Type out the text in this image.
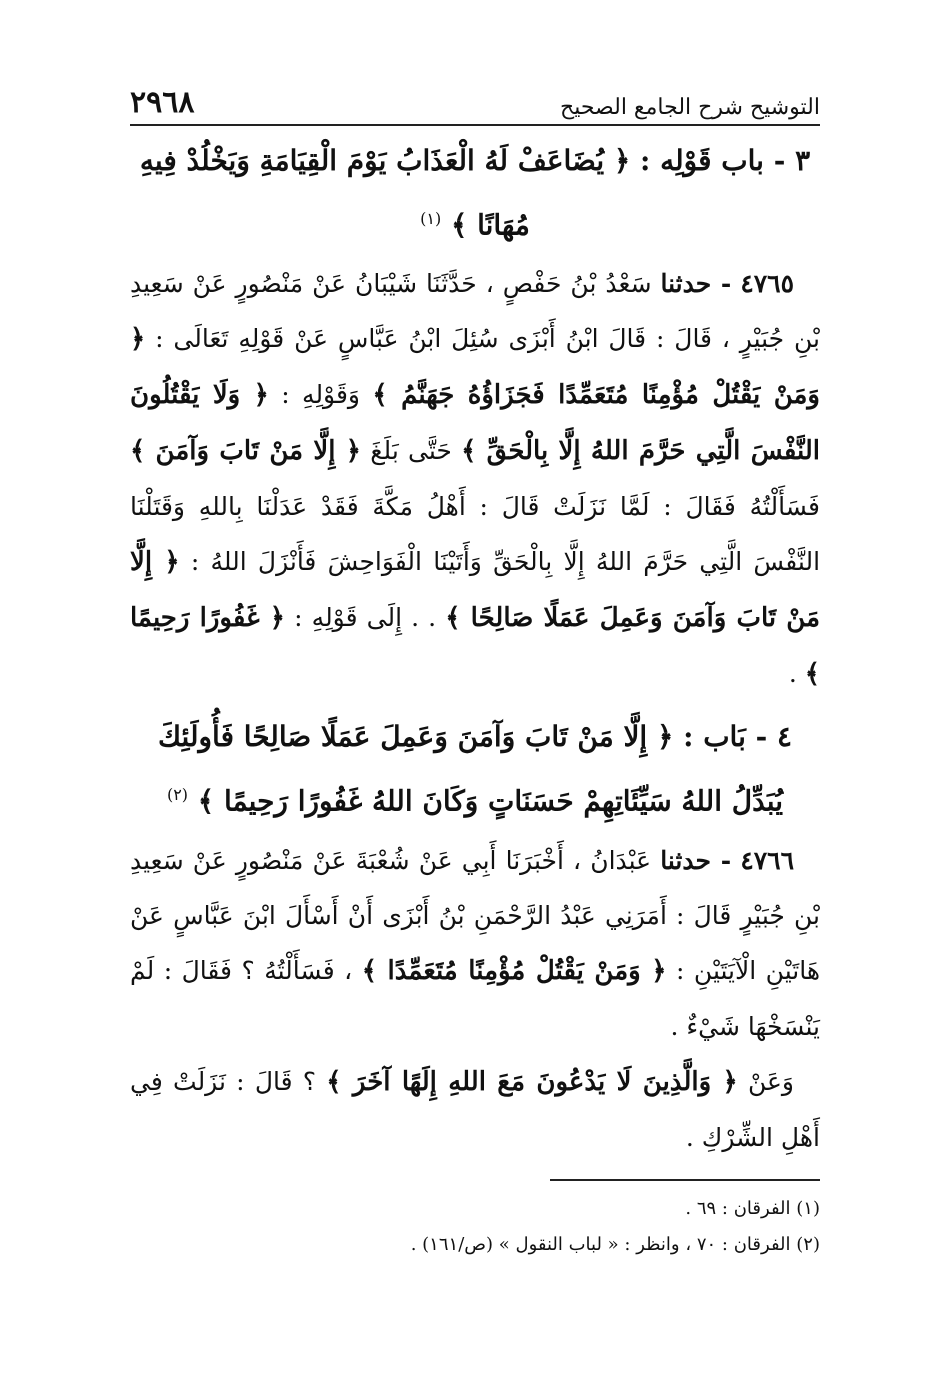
التوشيح شرح الجامع الصحيح
٢٩٦٨
٣ - باب قَوْلِه : ﴿ يُضَاعَفْ لَهُ الْعَذَابُ يَوْمَ الْقِيَامَةِ وَيَخْلُدْ فِيهِ مُهَانًا ﴾ $^{(١)}$

٤٧٦٥ - حدثنا سَعْدُ بْنُ حَفْصٍ ، حَدَّثَنَا شَيْبَانُ عَنْ مَنْصُورٍ عَنْ سَعِيدِ بْنِ جُبَيْرٍ ، قَالَ : قَالَ ابْنُ أَبْزَى سُئِلَ ابْنُ عَبَّاسٍ عَنْ قَوْلِهِ تَعَالَى : ﴿ وَمَنْ يَقْتُلْ مُؤْمِنًا مُتَعَمِّدًا فَجَزَاؤُهُ جَهَنَّمُ ﴾ وَقَوْلِهِ : ﴿ وَلَا يَقْتُلُونَ النَّفْسَ الَّتِي حَرَّمَ اللهُ إِلَّا بِالْحَقِّ ﴾ حَتَّى بَلَغَ ﴿ إِلَّا مَنْ تَابَ وَآمَنَ ﴾ فَسَأَلْتُهُ فَقَالَ : لَمَّا نَزَلَتْ قَالَ : أَهْلُ مَكَّةَ فَقَدْ عَدَلْنَا بِاللهِ وَقَتَلْنَا النَّفْسَ الَّتِي حَرَّمَ اللهُ إِلَّا بِالْحَقِّ وَأَتَيْنَا الْفَوَاحِشَ فَأَنْزَلَ اللهُ : ﴿ إِلَّا مَنْ تَابَ وَآمَنَ وَعَمِلَ عَمَلًا صَالِحًا ﴾ . . إِلَى قَوْلِهِ : ﴿ غَفُورًا رَحِيمًا ﴾ .

٤ - بَاب : ﴿ إِلَّا مَنْ تَابَ وَآمَنَ وَعَمِلَ عَمَلًا صَالِحًا فَأُولَئِكَ يُبَدِّلُ اللهُ سَيِّئَاتِهِمْ حَسَنَاتٍ وَكَانَ اللهُ غَفُورًا رَحِيمًا ﴾ $^{(٢)}$

٤٧٦٦ - حدثنا عَبْدَانُ ، أَخْبَرَنَا أَبِي عَنْ شُعْبَةَ عَنْ مَنْصُورٍ عَنْ سَعِيدِ بْنِ جُبَيْرٍ قَالَ : أَمَرَنِي عَبْدُ الرَّحْمَنِ بْنُ أَبْزَى أَنْ أَسْأَلَ ابْنَ عَبَّاسٍ عَنْ هَاتَيْنِ الْآيَتَيْنِ : ﴿ وَمَنْ يَقْتُلْ مُؤْمِنًا مُتَعَمِّدًا ﴾ ، فَسَأَلْتُهُ ؟ فَقَالَ : لَمْ يَنْسَخْهَا شَيْءٌ .

وَعَنْ ﴿ وَالَّذِينَ لَا يَدْعُونَ مَعَ اللهِ إِلَهًا آخَرَ ﴾ ؟ قَالَ : نَزَلَتْ فِي أَهْلِ الشِّرْكِ .

(١) الفرقان : ٦٩ .
(٢) الفرقان : ٧٠ ، وانظر : « لباب النقول » (ص/١٦١) .
